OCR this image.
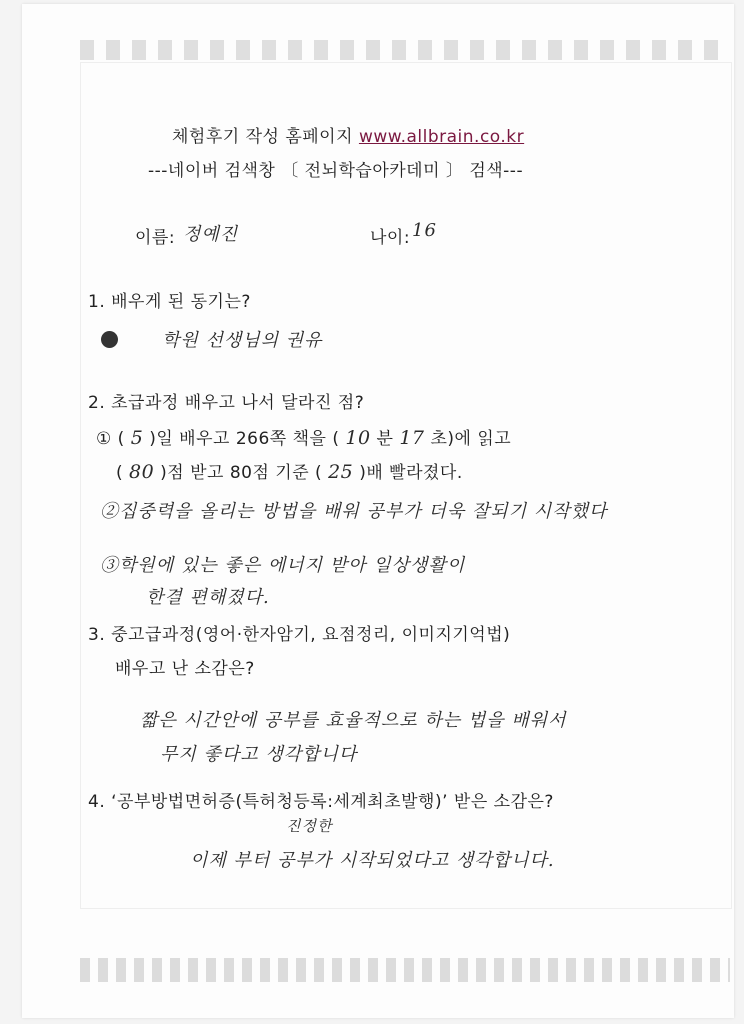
체험후기 작성 홈페이지 www.allbrain.co.kr
---네이버 검색창 〔 전뇌학습아카데미 〕 검색---
이름: 정예진	나이: 16
1. 배우게 된 동기는?
학원 선생님의 권유
2. 초급과정 배우고 나서 달라진 점?
① ( 5 )일 배우고 266쪽 책을 ( 10 분 17 초)에 읽고
( 80 )점 받고 80점 기준 ( 25 )배 빨라졌다.
②집중력을 올리는 방법을 배워 공부가 더욱 잘되기 시작했다
③학원에 있는 좋은 에너지 받아 일상생활이
한결 편해졌다.
3. 중고급과정(영어·한자암기, 요점정리, 이미지기억법)
배우고 난 소감은?
짧은 시간안에 공부를 효율적으로 하는 법을 배워서
무지 좋다고 생각합니다
4. ‘공부방법면허증(특허청등록:세계최초발행)’ 받은 소감은?
진정한
이제 부터 공부가 시작되었다고 생각합니다.
